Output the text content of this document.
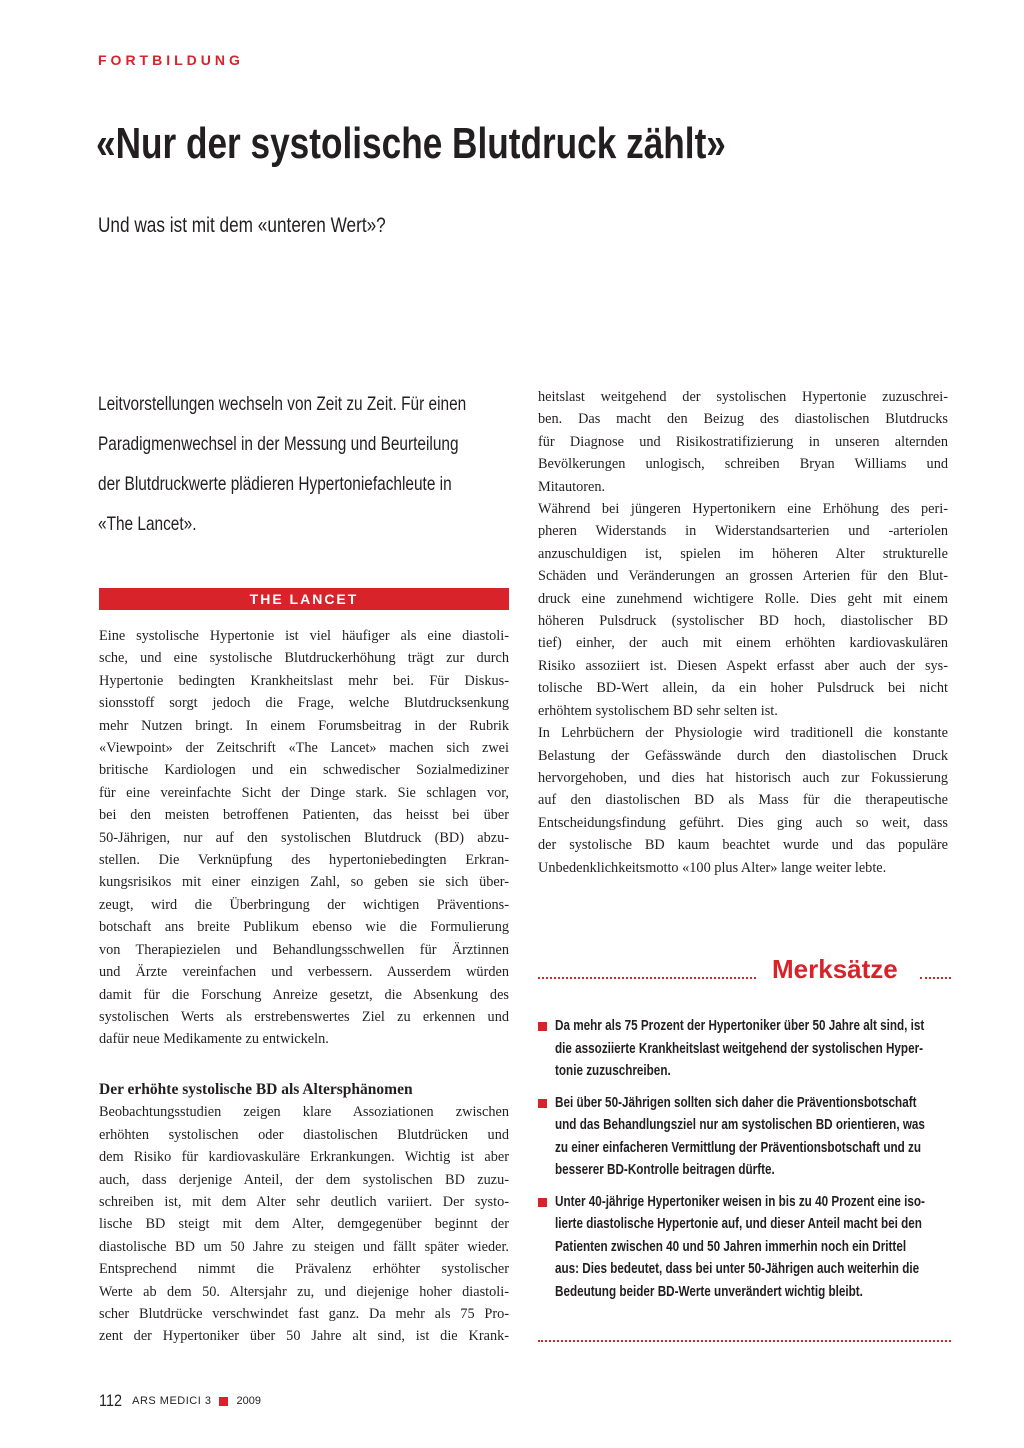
FORTBILDUNG
«Nur der systolische Blutdruck zählt»
Und was ist mit dem «unteren Wert»?
Leitvorstellungen wechseln von Zeit zu Zeit. Für einen
Paradigmenwechsel in der Messung und Beurteilung
der Blutdruckwerte plädieren Hypertoniefachleute in
«The Lancet».
THE LANCET
Eine systolische Hypertonie ist viel häufiger als eine diastoli-
sche, und eine systolische Blutdruckerhöhung trägt zur durch
Hypertonie bedingten Krankheitslast mehr bei. Für Diskus-
sionsstoff sorgt jedoch die Frage, welche Blutdrucksenkung
mehr Nutzen bringt. In einem Forumsbeitrag in der Rubrik
«Viewpoint» der Zeitschrift «The Lancet» machen sich zwei
britische Kardiologen und ein schwedischer Sozialmediziner
für eine vereinfachte Sicht der Dinge stark. Sie schlagen vor,
bei den meisten betroffenen Patienten, das heisst bei über
50-Jährigen, nur auf den systolischen Blutdruck (BD) abzu-
stellen. Die Verknüpfung des hypertoniebedingten Erkran-
kungsrisikos mit einer einzigen Zahl, so geben sie sich über-
zeugt, wird die Überbringung der wichtigen Präventions-
botschaft ans breite Publikum ebenso wie die Formulierung
von Therapiezielen und Behandlungsschwellen für Ärztinnen
und Ärzte vereinfachen und verbessern. Ausserdem würden
damit für die Forschung Anreize gesetzt, die Absenkung des
systolischen Werts als erstrebenswertes Ziel zu erkennen und
dafür neue Medikamente zu entwickeln.
Der erhöhte systolische BD als Altersphänomen
Beobachtungsstudien zeigen klare Assoziationen zwischen
erhöhten systolischen oder diastolischen Blutdrücken und
dem Risiko für kardiovaskuläre Erkrankungen. Wichtig ist aber
auch, dass derjenige Anteil, der dem systolischen BD zuzu-
schreiben ist, mit dem Alter sehr deutlich variiert. Der systo-
lische BD steigt mit dem Alter, demgegenüber beginnt der
diastolische BD um 50 Jahre zu steigen und fällt später wieder.
Entsprechend nimmt die Prävalenz erhöhter systolischer
Werte ab dem 50. Altersjahr zu, und diejenige hoher diastoli-
scher Blutdrücke verschwindet fast ganz. Da mehr als 75 Pro-
zent der Hypertoniker über 50 Jahre alt sind, ist die Krank-
heitslast weitgehend der systolischen Hypertonie zuzuschrei-
ben. Das macht den Beizug des diastolischen Blutdrucks
für Diagnose und Risikostratifizierung in unseren alternden
Bevölkerungen unlogisch, schreiben Bryan Williams und
Mitautoren.
Während bei jüngeren Hypertonikern eine Erhöhung des peri-
pheren Widerstands in Widerstandsarterien und -arteriolen
anzuschuldigen ist, spielen im höheren Alter strukturelle
Schäden und Veränderungen an grossen Arterien für den Blut-
druck eine zunehmend wichtigere Rolle. Dies geht mit einem
höheren Pulsdruck (systolischer BD hoch, diastolischer BD
tief) einher, der auch mit einem erhöhten kardiovaskulären
Risiko assoziiert ist. Diesen Aspekt erfasst aber auch der sys-
tolische BD-Wert allein, da ein hoher Pulsdruck bei nicht
erhöhtem systolischem BD sehr selten ist.
In Lehrbüchern der Physiologie wird traditionell die konstante
Belastung der Gefässwände durch den diastolischen Druck
hervorgehoben, und dies hat historisch auch zur Fokussierung
auf den diastolischen BD als Mass für die therapeutische
Entscheidungsfindung geführt. Dies ging auch so weit, dass
der systolische BD kaum beachtet wurde und das populäre
Unbedenklichkeitsmotto «100 plus Alter» lange weiter lebte.
Merksätze
Da mehr als 75 Prozent der Hypertoniker über 50 Jahre alt sind, ist
die assoziierte Krankheitslast weitgehend der systolischen Hyper-
tonie zuzuschreiben.
Bei über 50-Jährigen sollten sich daher die Präventionsbotschaft
und das Behandlungsziel nur am systolischen BD orientieren, was
zu einer einfacheren Vermittlung der Präventionsbotschaft und zu
besserer BD-Kontrolle beitragen dürfte.
Unter 40-jährige Hypertoniker weisen in bis zu 40 Prozent eine iso-
lierte diastolische Hypertonie auf, und dieser Anteil macht bei den
Patienten zwischen 40 und 50 Jahren immerhin noch ein Drittel
aus: Dies bedeutet, dass bei unter 50-Jährigen auch weiterhin die
Bedeutung beider BD-Werte unverändert wichtig bleibt.
112 ARS MEDICI 3 2009
